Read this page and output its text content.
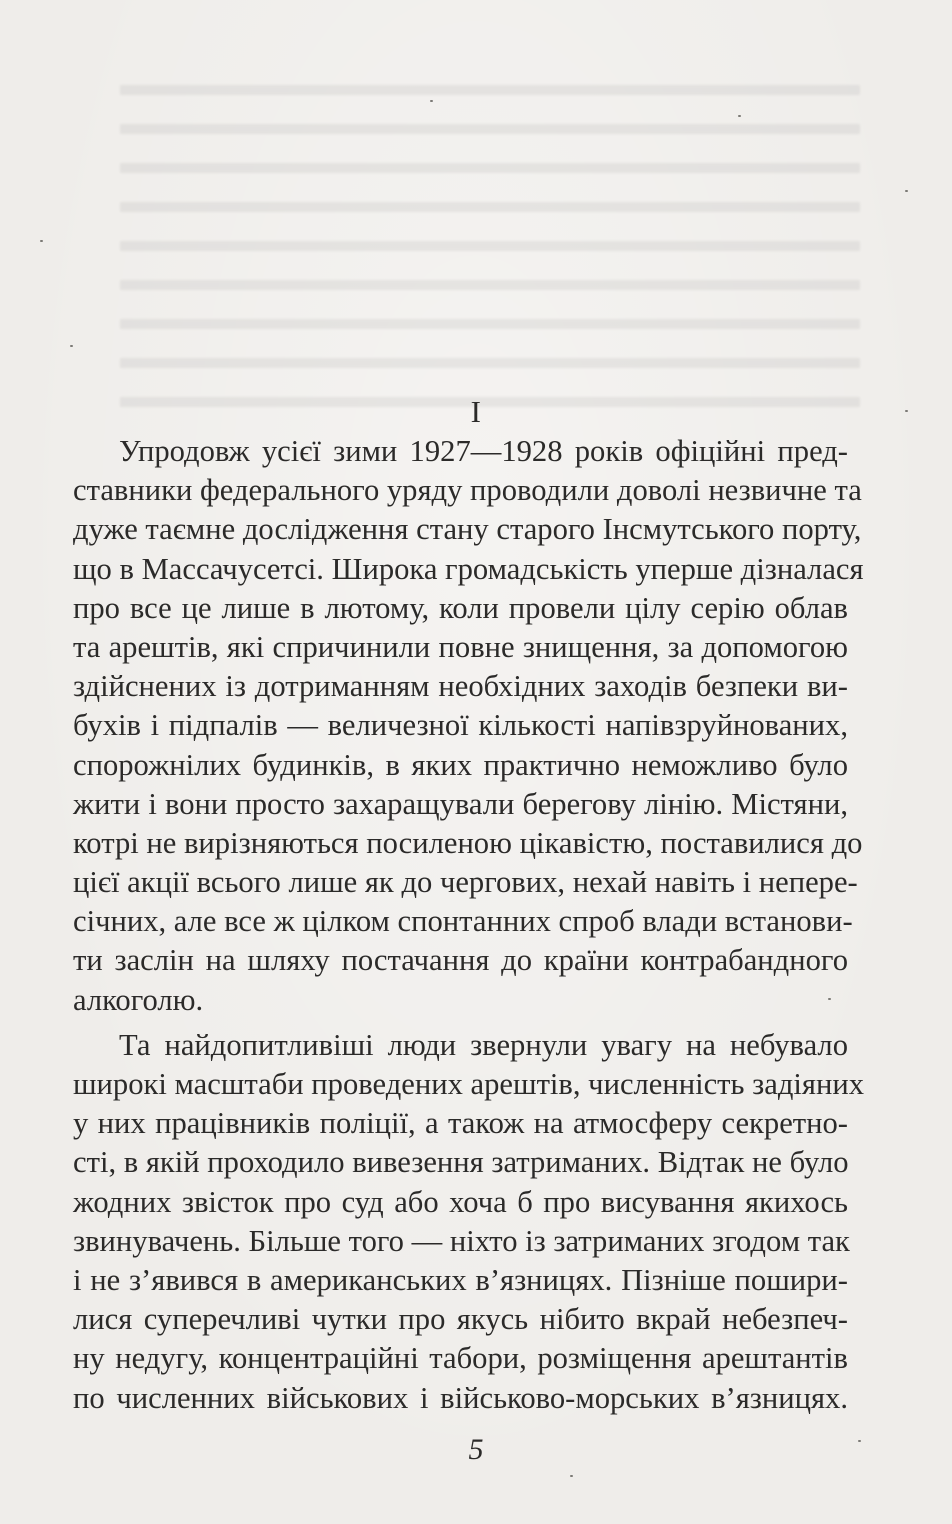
I
Упродовж усієї зими 1927—1928 років офіційні пред-
ставники федерального уряду проводили доволі незвичне та
дуже таємне дослідження стану старого Інсмутського порту,
що в Массачусетсі. Широка громадськість уперше дізналася
про все це лише в лютому, коли провели цілу серію облав
та арештів, які спричинили повне знищення, за допомогою
здійснених із дотриманням необхідних заходів безпеки ви-
бухів і підпалів — величезної кількості напівзруйнованих,
спорожнілих будинків, в яких практично неможливо було
жити і вони просто захаращували берегову лінію. Містяни,
котрі не вирізняються посиленою цікавістю, поставилися до
цієї акції всього лише як до чергових, нехай навіть і непере-
січних, але все ж цілком спонтанних спроб влади встанови-
ти заслін на шляху постачання до країни контрабандного
алкоголю.
Та найдопитливіші люди звернули увагу на небувало
широкі масштаби проведених арештів, численність задіяних
у них працівників поліції, а також на атмосферу секретно-
сті, в якій проходило вивезення затриманих. Відтак не було
жодних звісток про суд або хоча б про висування якихось
звинувачень. Більше того — ніхто із затриманих згодом так
і не з’явився в американських в’язницях. Пізніше пошири-
лися суперечливі чутки про якусь нібито вкрай небезпеч-
ну недугу, концентраційні табори, розміщення арештантів
по численних військових і військово-морських в’язницях.
5
